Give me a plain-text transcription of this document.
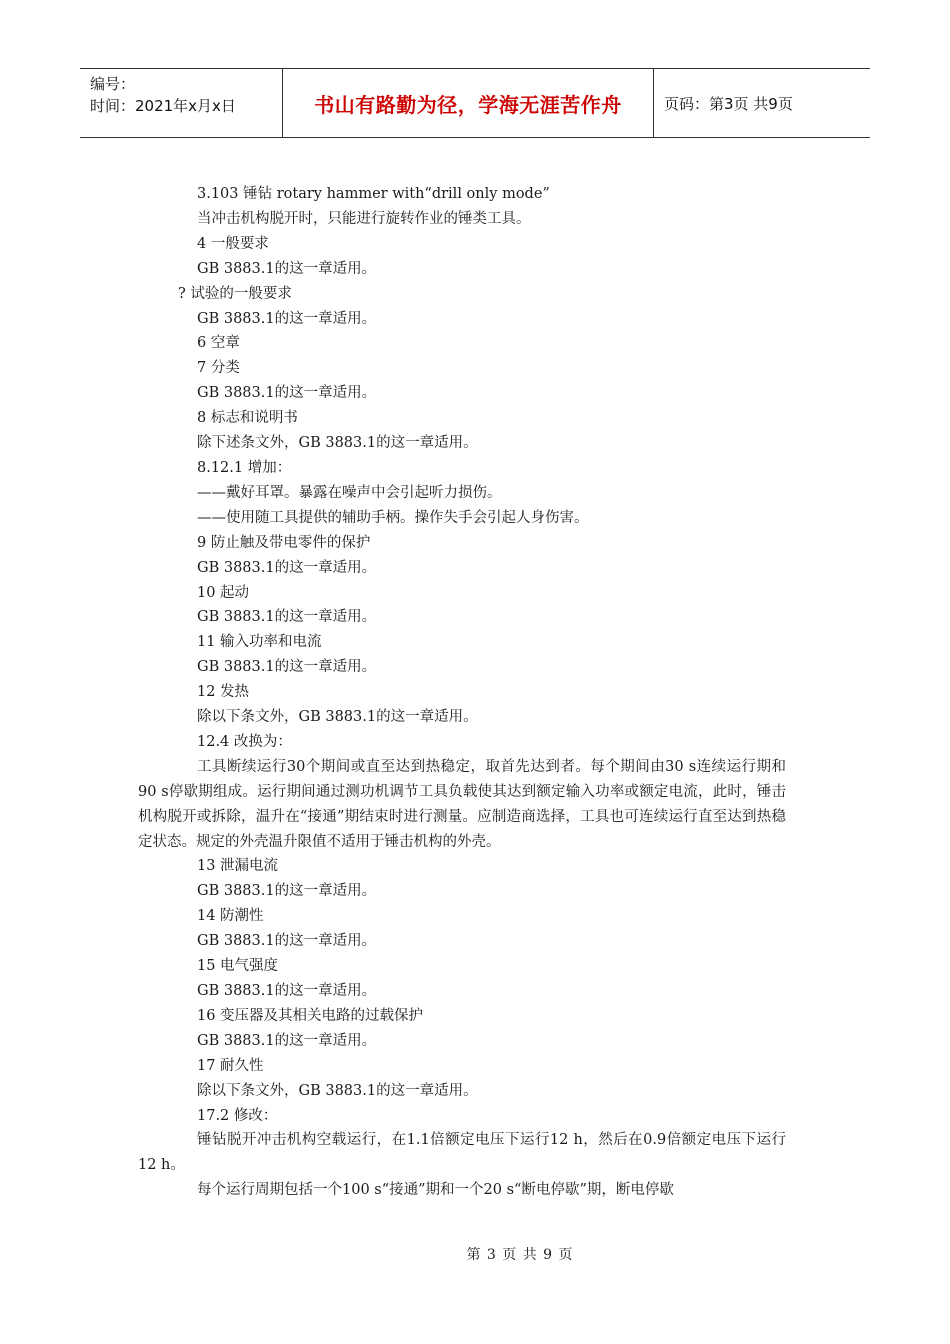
编号：
时间：2021年x月x日	书山有路勤为径，学海无涯苦作舟	页码：第3页 共9页

3.103 锤钻 rotary hammer with“drill only mode”

当冲击机构脱开时，只能进行旋转作业的锤类工具。

4 一般要求

GB 3883.1的这一章适用。

? 试验的一般要求

GB 3883.1的这一章适用。

6 空章

7 分类

GB 3883.1的这一章适用。

8 标志和说明书

除下述条文外，GB 3883.1的这一章适用。

8.12.1 增加：

——戴好耳罩。暴露在噪声中会引起听力损伤。

——使用随工具提供的辅助手柄。操作失手会引起人身伤害。

9 防止触及带电零件的保护

GB 3883.1的这一章适用。

10 起动

GB 3883.1的这一章适用。

11 输入功率和电流

GB 3883.1的这一章适用。

12 发热

除以下条文外，GB 3883.1的这一章适用。

12.4 改换为：

工具断续运行30个期间或直至达到热稳定，取首先达到者。每个期间由30 s连续运行期和90 s停歇期组成。运行期间通过测功机调节工具负载使其达到额定输入功率或额定电流，此时，锤击机构脱开或拆除，温升在“接通”期结束时进行测量。应制造商选择，工具也可连续运行直至达到热稳定状态。规定的外壳温升限值不适用于锤击机构的外壳。

13 泄漏电流

GB 3883.1的这一章适用。

14 防潮性

GB 3883.1的这一章适用。

15 电气强度

GB 3883.1的这一章适用。

16 变压器及其相关电路的过载保护

GB 3883.1的这一章适用。

17 耐久性

除以下条文外，GB 3883.1的这一章适用。

17.2 修改：

锤钻脱开冲击机构空载运行，在1.1倍额定电压下运行12 h，然后在0.9倍额定电压下运行12 h。

每个运行周期包括一个100 s“接通”期和一个20 s“断电停歇”期，断电停歇

第 3 页 共 9 页
